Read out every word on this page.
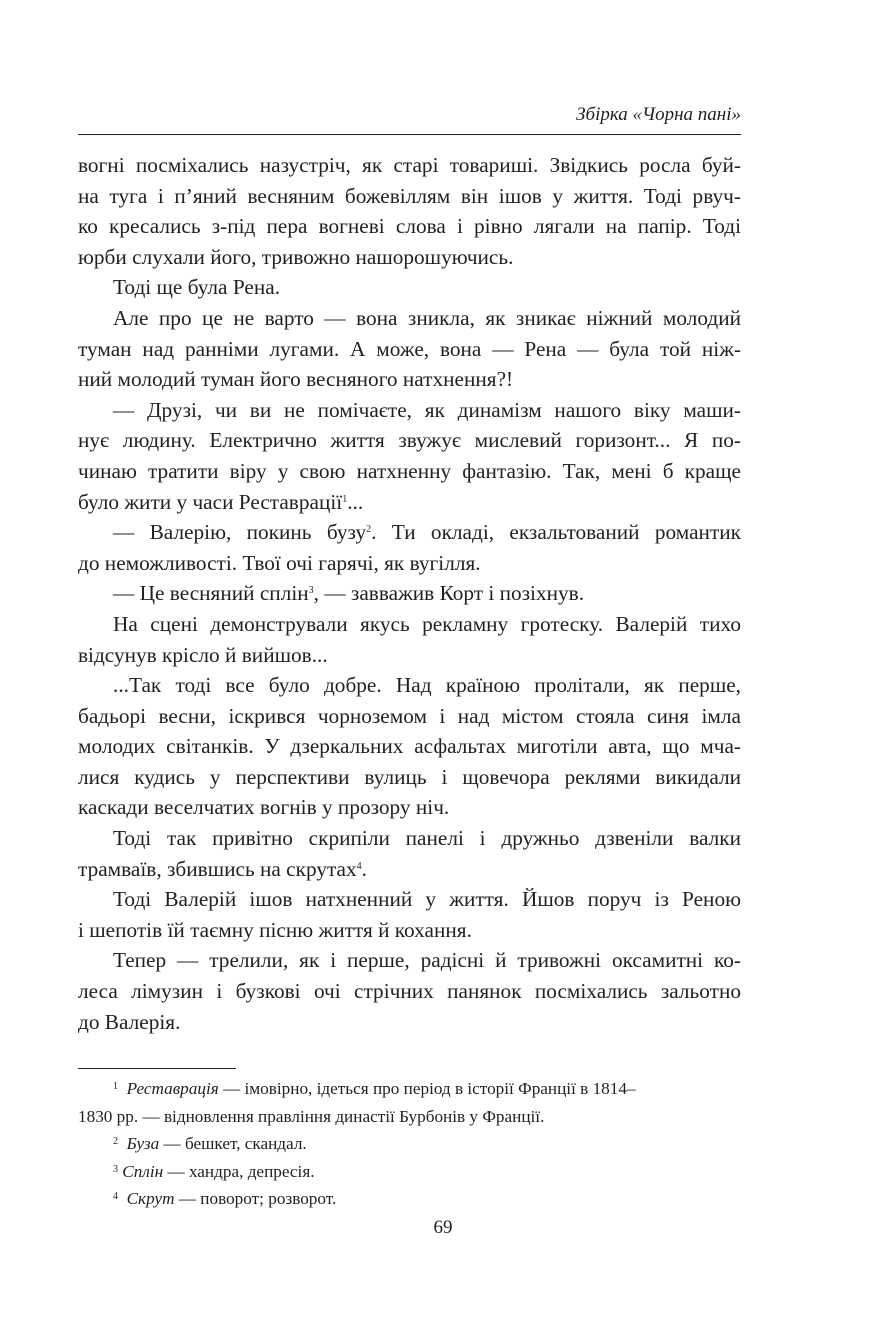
Збірка «Чорна пані»

вогні посміхались назустріч, як старі товариші. Звідкись росла буй-
на туга і п’яний весняним божевіллям він ішов у життя. Тоді рвуч-
ко кресались з-під пера вогневі слова і рівно лягали на папір. Тоді
юрби слухали його, тривожно нашорошуючись.

Тоді ще була Рена.

Але про це не варто — вона зникла, як зникає ніжний молодий
туман над ранніми лугами. А може, вона — Рена — була той ніж-
ний молодий туман його весняного натхнення?!

— Друзі, чи ви не помічаєте, як динамізм нашого віку маши-
нує людину. Електрично життя звужує мислевий горизонт... Я по-
чинаю тратити віру у свою натхненну фантазію. Так, мені б краще
було жити у часи Реставрації$^1$...

— Валерію, покинь бузу$^2$. Ти окладі, екзальтований романтик
до неможливості. Твої очі гарячі, як вугілля.

— Це весняний сплін$^3$, — завважив Корт і позіхнув.

На сцені демонстрували якусь рекламну гротеску. Валерій тихо
відсунув крісло й вийшов...

...Так тоді все було добре. Над країною пролітали, як перше,
бадьорі весни, іскрився чорноземом і над містом стояла синя імла
молодих світанків. У дзеркальних асфальтах миготіли авта, що мча-
лися кудись у перспективи вулиць і щовечора реклями викидали
каскади веселчатих вогнів у прозору ніч.

Тоді так привітно скрипіли панелі і дружньо дзвеніли валки
трамваїв, збившись на скрутах$^4$.

Тоді Валерій ішов натхненний у життя. Йшов поруч із Реною
і шепотів їй таємну пісню життя й кохання.

Тепер — трелили, як і перше, радісні й тривожні оксамитні ко-
леса лімузин і бузкові очі стрічних панянок посміхались зальотно
до Валерія.

$^1$ Реставрація — імовірно, ідеться про період в історії Франції в 1814–

1830 рр. — відновлення правління династії Бурбонів у Франції.

$^2$ Буза — бешкет, скандал.

$^3$ Сплін — хандра, депресія.

$^4$ Скрут — поворот; розворот.

69
